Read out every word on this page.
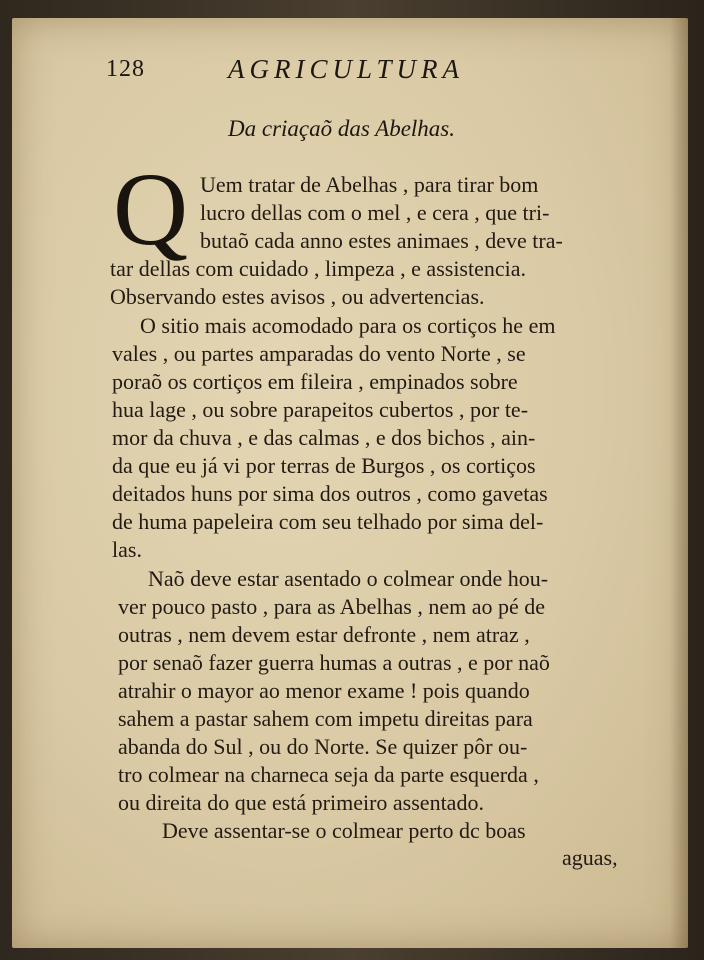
128	AGRICULTURA
Da criaçaõ das Abelhas.
Q Uem tratar de Abelhas , para tirar bom
lucro dellas com o mel , e cera , que tri-
butaõ cada anno estes animaes , deve tra-
tar dellas com cuidado , limpeza , e assistencia.
Observando estes avisos , ou advertencias.
O sitio mais acomodado para os cortiços he em
vales , ou partes amparadas do vento Norte , se
poraõ os cortiços em fileira , empinados sobre
hua lage , ou sobre parapeitos cubertos , por te-
mor da chuva , e das calmas , e dos bichos , ain-
da que eu já vi por terras de Burgos , os cortiços
deitados huns por sima dos outros , como gavetas
de huma papeleira com seu telhado por sima del-
las.
Naõ deve estar asentado o colmear onde hou-
ver pouco pasto , para as Abelhas , nem ao pé de
outras , nem devem estar defronte , nem atraz ,
por senaõ fazer guerra humas a outras , e por naõ
atrahir o mayor ao menor exame ! pois quando
sahem a pastar sahem com impetu direitas para
abanda do Sul , ou do Norte. Se quizer pôr ou-
tro colmear na charneca seja da parte esquerda ,
ou direita do que está primeiro assentado.
Deve assentar-se o colmear perto dc boas
aguas,
